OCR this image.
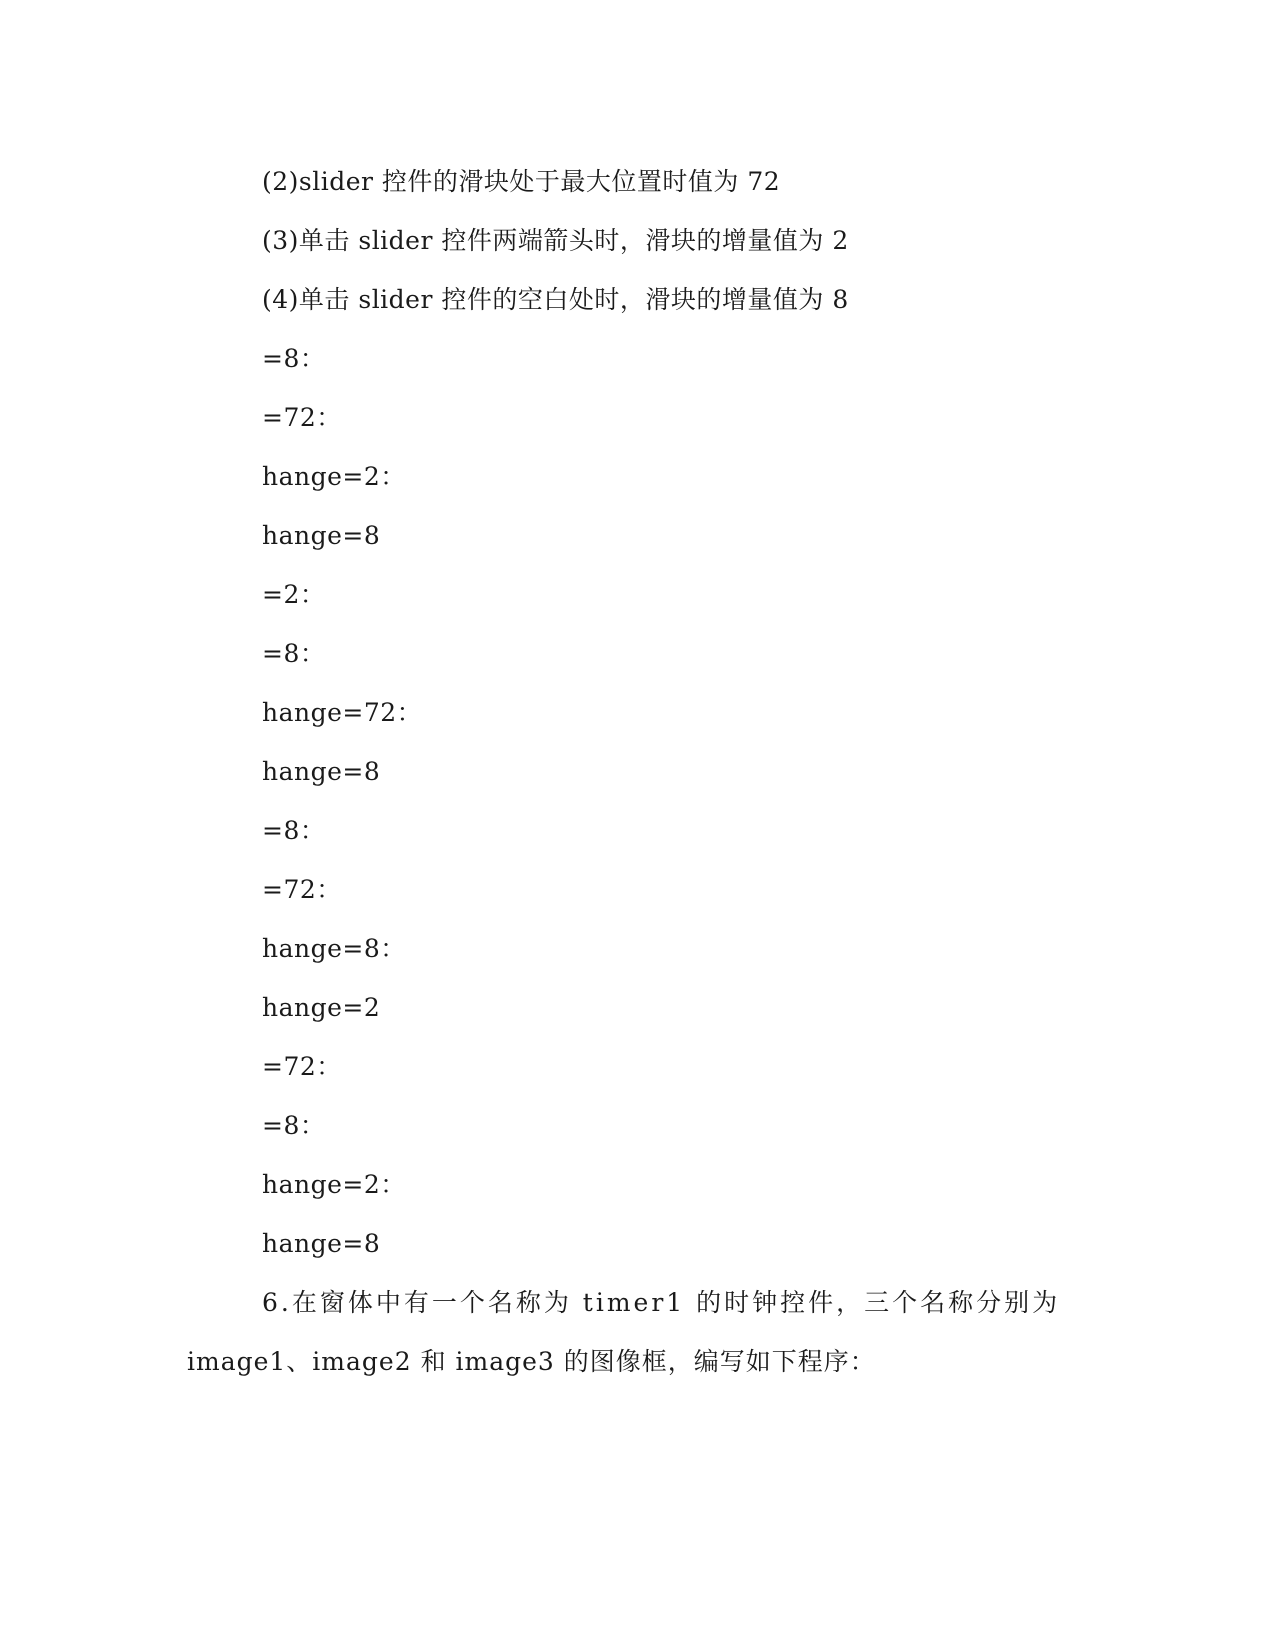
(2)slider 控件的滑块处于最大位置时值为 72
(3)单击 slider 控件两端箭头时，滑块的增量值为 2
(4)单击 slider 控件的空白处时，滑块的增量值为 8
=8：
=72：
hange=2：
hange=8
=2：
=8：
hange=72：
hange=8
=8：
=72：
hange=8：
hange=2
=72：
=8：
hange=2：
hange=8
6.在窗体中有一个名称为 timer1 的时钟控件，三个名称分别为
image1、image2 和 image3 的图像框，编写如下程序：
